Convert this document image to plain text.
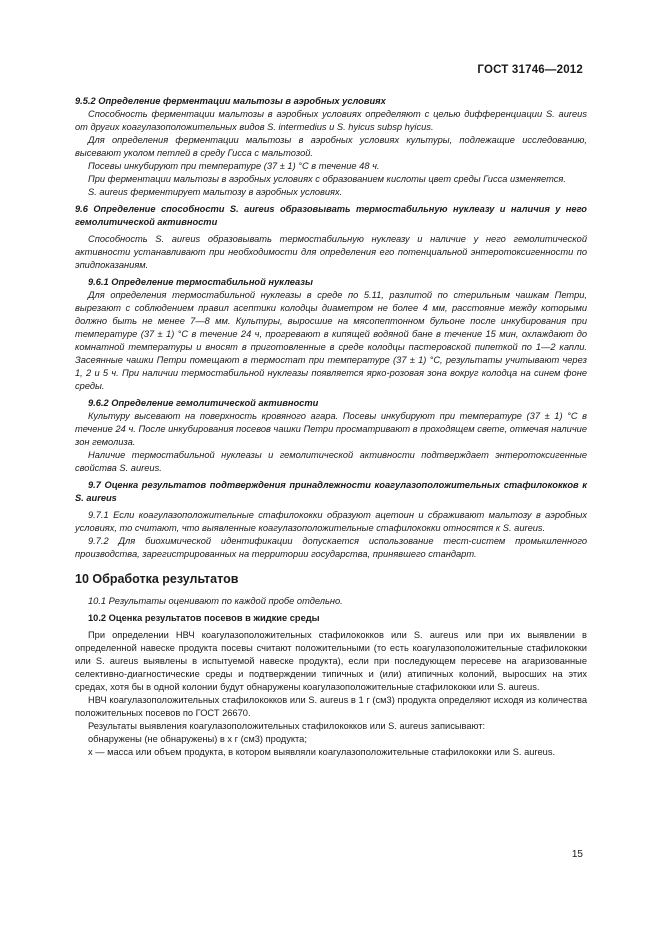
ГОСТ 31746—2012

9.5.2 Определение ферментации мальтозы в аэробных условиях

Способность ферментации мальтозы в аэробных условиях определяют с целью дифференциации S. aureus от других коагулазоположительных видов S. intermedius и S. hyicus subsp hyicus.

Для определения ферментации мальтозы в аэробных условиях культуры, подлежащие исследованию, высевают уколом петлей в среду Гисса с мальтозой.

Посевы инкубируют при температуре (37 ± 1) °С в течение 48 ч.

При ферментации мальтозы в аэробных условиях с образованием кислоты цвет среды Гисса изменяется.

S. aureus ферментирует мальтозу в аэробных условиях.

9.6 Определение способности S. aureus образовывать термостабильную нуклеазу и наличия у него гемолитической активности

Способность S. aureus образовывать термостабильную нуклеазу и наличие у него гемолитической активности устанавливают при необходимости для определения его потенциальной энтеротоксигенности по эпидпоказаниям.

9.6.1 Определение термостабильной нуклеазы

Для определения термостабильной нуклеазы в среде по 5.11, разлитой по стерильным чашкам Петри, вырезают с соблюдением правил асептики колодцы диаметром не более 4 мм, расстояние между которыми должно быть не менее 7—8 мм. Культуры, выросшие на мясопептонном бульоне после инкубирования при температуре (37 ± 1) °С в течение 24 ч, прогревают в кипящей водяной бане в течение 15 мин, охлаждают до комнатной температуры и вносят в приготовленные в среде колодцы пастеровской пипеткой по 1—2 капли. Засеянные чашки Петри помещают в термостат при температуре (37 ± 1) °С, результаты учитывают через 1, 2 и 5 ч. При наличии термостабильной нуклеазы появляется ярко-розовая зона вокруг колодца на синем фоне среды.

9.6.2 Определение гемолитической активности

Культуру высевают на поверхность кровяного агара. Посевы инкубируют при температуре (37 ± 1) °С в течение 24 ч. После инкубирования посевов чашки Петри просматривают в проходящем свете, отмечая наличие зон гемолиза.

Наличие термостабильной нуклеазы и гемолитической активности подтверждает энтеротоксигенные свойства S. aureus.

9.7 Оценка результатов подтверждения принадлежности коагулазоположительных стафилококков к S. aureus

9.7.1 Если коагулазоположительные стафилококки образуют ацетоин и сбраживают мальтозу в аэробных условиях, то считают, что выявленные коагулазоположительные стафилококки относятся к S. aureus.

9.7.2 Для биохимической идентификации допускается использование тест-систем промышленного производства, зарегистрированных на территории государства, принявшего стандарт.

10 Обработка результатов

10.1 Результаты оценивают по каждой пробе отдельно.

10.2 Оценка результатов посевов в жидкие среды

При определении НВЧ коагулазоположительных стафилококков или S. aureus или при их выявлении в определенной навеске продукта посевы считают положительными (то есть коагулазоположительные стафилококки или S. aureus выявлены в испытуемой навеске продукта), если при последующем пересеве на агаризованные селективно-диагностические среды и подтверждении типичных и (или) атипичных колоний, выросших на этих средах, хотя бы в одной колонии будут обнаружены коагулазоположительные стафилококки или S. aureus.

НВЧ коагулазоположительных стафилококков или S. aureus в 1 г (см3) продукта определяют исходя из количества положительных посевов по ГОСТ 26670.

Результаты выявления коагулазоположительных стафилококков или S. aureus записывают:

обнаружены (не обнаружены) в x г (см3) продукта;

x — масса или объем продукта, в котором выявляли коагулазоположительные стафилококки или S. aureus.

15
